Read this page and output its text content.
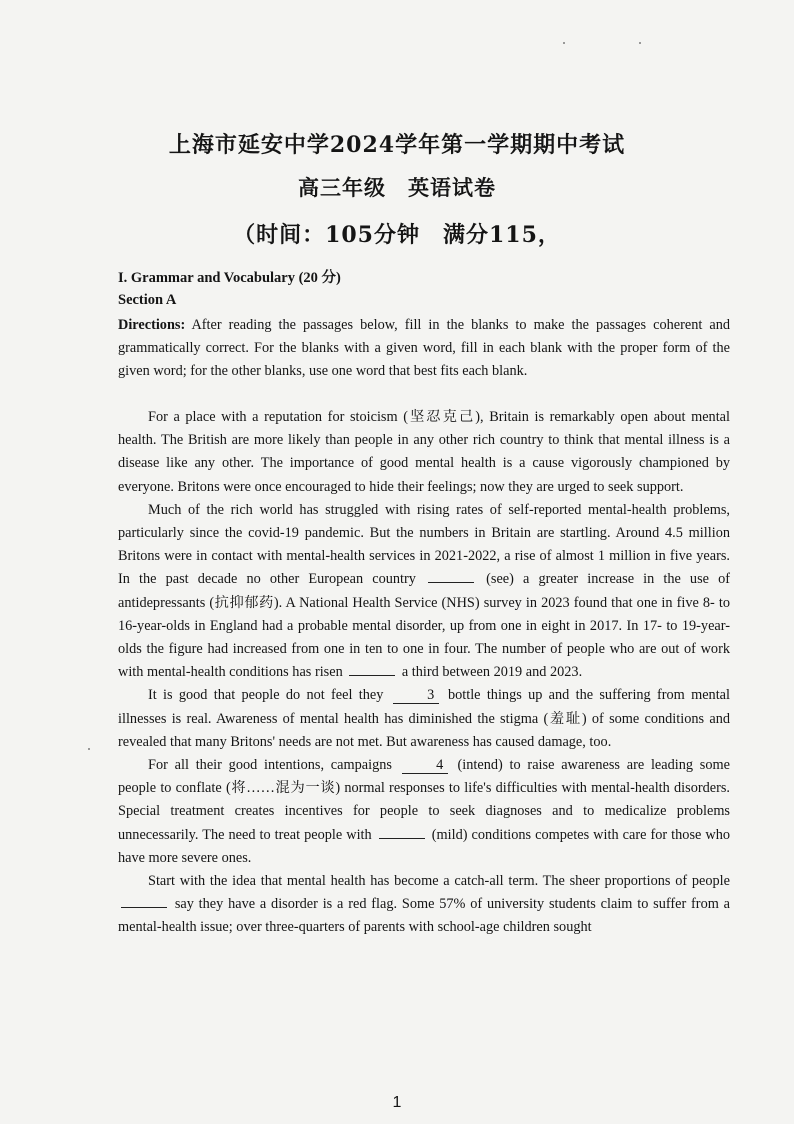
上海市延安中学2024学年第一学期期中考试
高三年级　英语试卷
（时间：105分钟　满分115，
I. Grammar and Vocabulary (20 分)
Section A
Directions: After reading the passages below, fill in the blanks to make the passages coherent and grammatically correct. For the blanks with a given word, fill in each blank with the proper form of the given word; for the other blanks, use one word that best fits each blank.

For a place with a reputation for stoicism (坚忍克己), Britain is remarkably open about mental health. The British are more likely than people in any other rich country to think that mental illness is a disease like any other. The importance of good mental health is a cause vigorously championed by everyone. Britons were once encouraged to hide their feelings; now they are urged to seek support.

Much of the rich world has struggled with rising rates of self-reported mental-health problems, particularly since the covid-19 pandemic. But the numbers in Britain are startling. Around 4.5 million Britons were in contact with mental-health services in 2021-2022, a rise of almost 1 million in five years. In the past decade no other European country	(see) a greater increase in the use of antidepressants (抗抑郁药). A National Health Service (NHS) survey in 2023 found that one in five 8- to 16-year-olds in England had a probable mental disorder, up from one in eight in 2017. In 17- to 19-year-olds the figure had increased from one in ten to one in four. The number of people who are out of work with mental-health conditions has risen	a third between 2019 and 2023.

It is good that people do not feel they	3 bottle things up and the suffering from mental illnesses is real. Awareness of mental health has diminished the stigma (羞耻) of some conditions and revealed that many Britons' needs are not met. But awareness has caused damage, too.

For all their good intentions, campaigns	4 (intend) to raise awareness are leading some people to conflate (将……混为一谈) normal responses to life's difficulties with mental-health disorders. Special treatment creates incentives for people to seek diagnoses and to medicalize problems unnecessarily. The need to treat people with	(mild) conditions competes with care for those who have more severe ones.

Start with the idea that mental health has become a catch-all term. The sheer proportions of people  say they have a disorder is a red flag. Some 57% of university students claim to suffer from a mental-health issue; over three-quarters of parents with school-age children sought

1
